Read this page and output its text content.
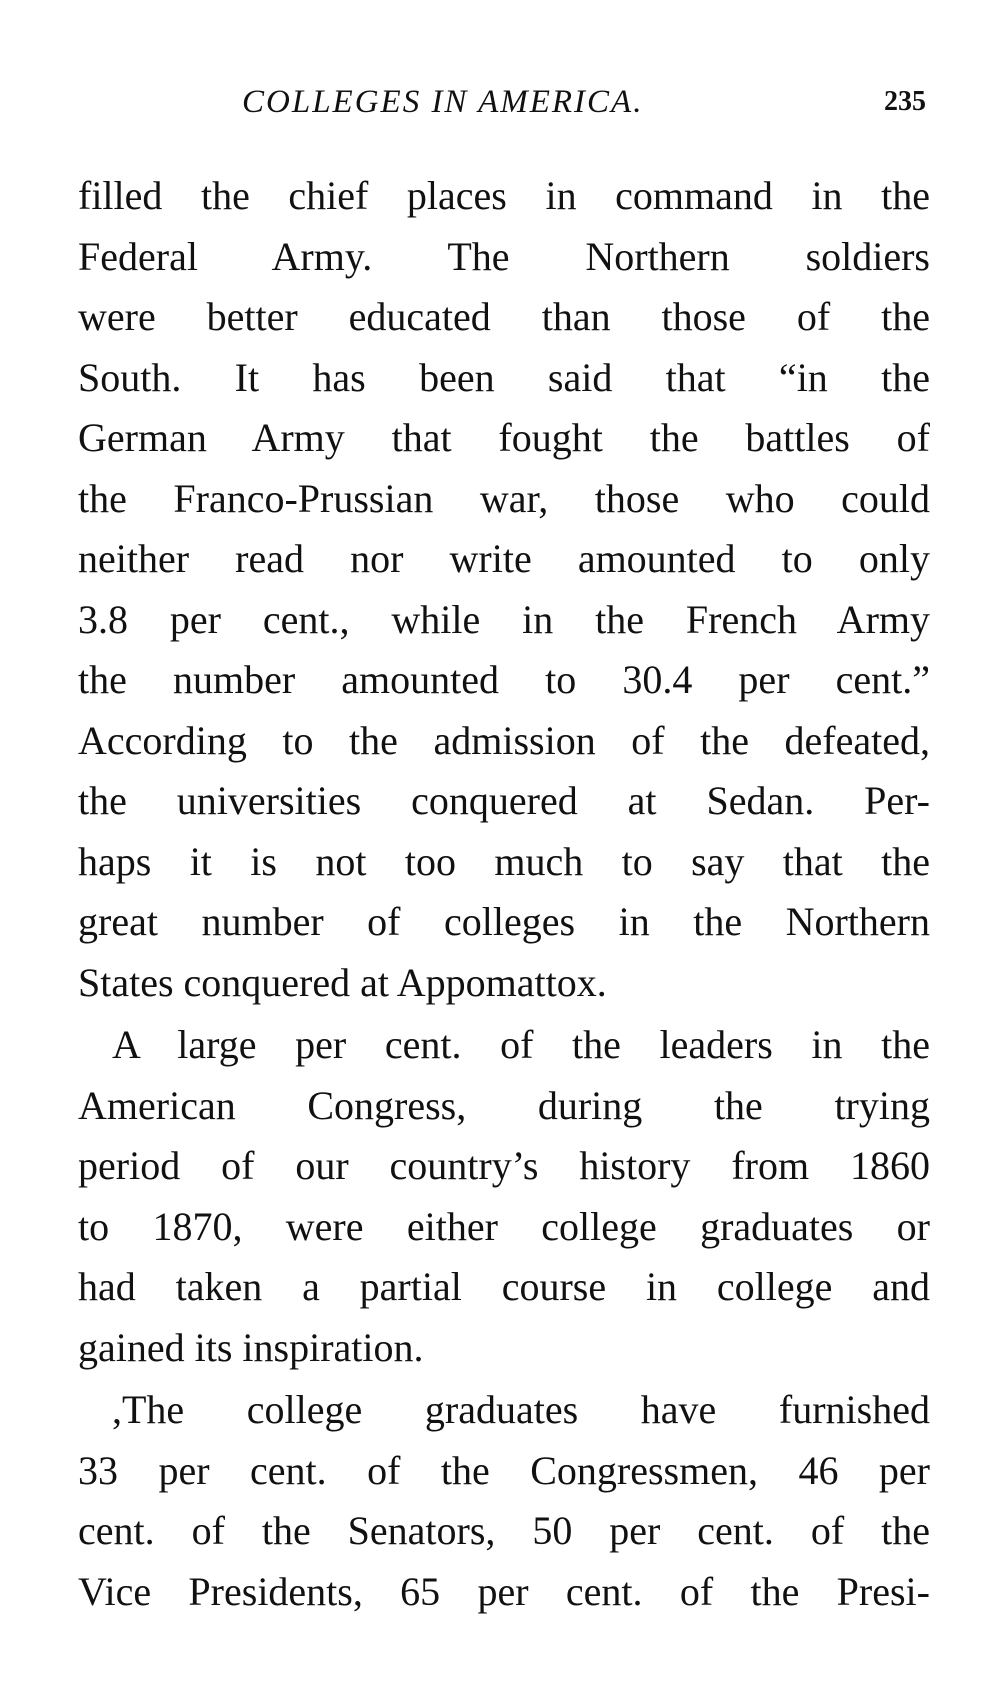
COLLEGES IN AMERICA.	235
filled the chief places in command in the
Federal Army. The Northern soldiers
were better educated than those of the
South. It has been said that “in the
German Army that fought the battles of
the Franco-Prussian war, those who could
neither read nor write amounted to only
3.8 per cent., while in the French Army
the number amounted to 30.4 per cent.”
According to the admission of the defeated,
the universities conquered at Sedan. Per-
haps it is not too much to say that the
great number of colleges in the Northern
States conquered at Appomattox.
A large per cent. of the leaders in the
American Congress, during the trying
period of our country’s history from 1860
to 1870, were either college graduates or
had taken a partial course in college and
gained its inspiration.
,The college graduates have furnished
33 per cent. of the Congressmen, 46 per
cent. of the Senators, 50 per cent. of the
Vice Presidents, 65 per cent. of the Presi-
